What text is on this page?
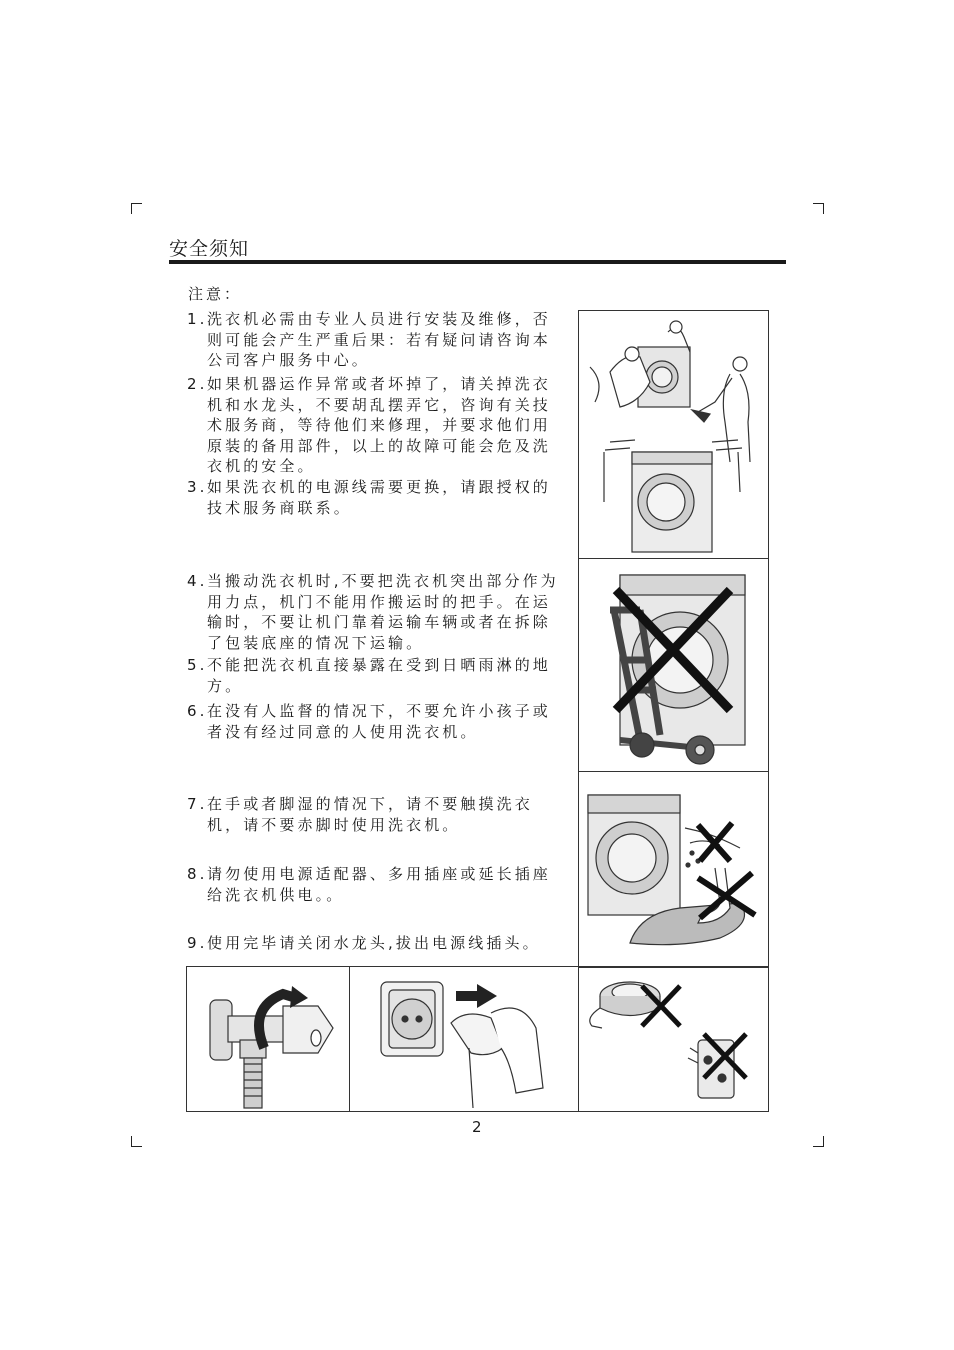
安全须知
注意：
1. 洗衣机必需由专业人员进行安装及维修，否则可能会产生严重后果：若有疑问请咨询本公司客户服务中心。
2. 如果机器运作异常或者坏掉了，请关掉洗衣机和水龙头，不要胡乱摆弄它，咨询有关技术服务商，等待他们来修理，并要求他们用原装的备用部件，以上的故障可能会危及洗衣机的安全。
3. 如果洗衣机的电源线需要更换，请跟授权的技术服务商联系。
4. 当搬动洗衣机时,不要把洗衣机突出部分作为用力点，机门不能用作搬运时的把手。在运输时，不要让机门靠着运输车辆或者在拆除了包装底座的情况下运输。
5. 不能把洗衣机直接暴露在受到日晒雨淋的地方。
6. 在没有人监督的情况下，不要允许小孩子或者没有经过同意的人使用洗衣机。
7. 在手或者脚湿的情况下，请不要触摸洗衣机，请不要赤脚时使用洗衣机。
8. 请勿使用电源适配器、多用插座或延长插座给洗衣机供电。。
9. 使用完毕请关闭水龙头,拔出电源线插头。
2
